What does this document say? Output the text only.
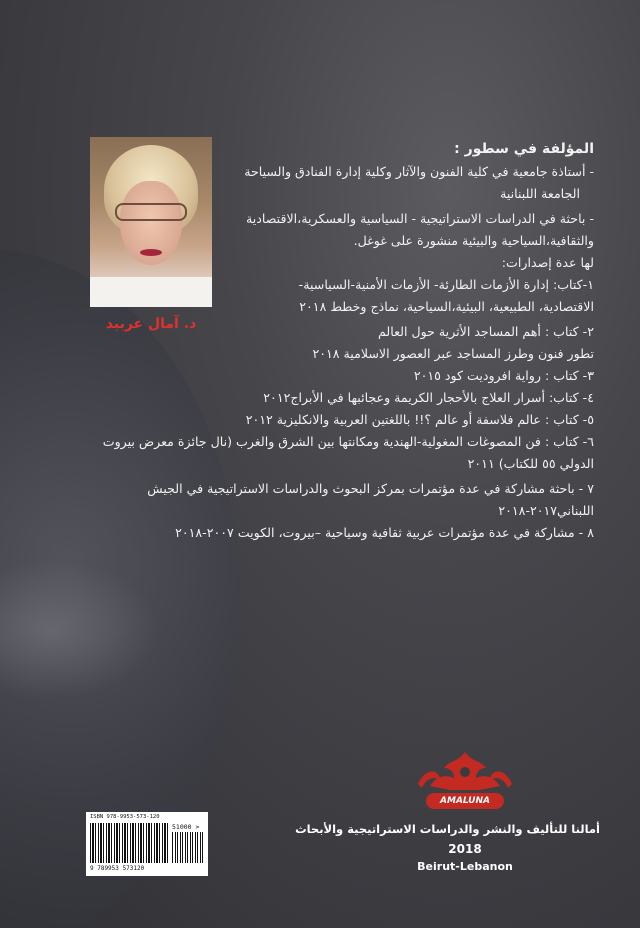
د. آمال عربيد
المؤلفة في سطور :
- أستاذة جامعية في كلية الفنون والآثار وكلية إدارة الفنادق والسياحة
الجامعة اللبنانية
- باحثة في الدراسات الاستراتيجية - السياسية والعسكرية،الاقتصادية
والثقافية،السياحية والبيئية منشورة على غوغل.
لها عدة إصدارات:
١-كتاب: إدارة الأزمات الطارئة- الأزمات الأمنية-السياسية-
الاقتصادية، الطبيعية، البيئية،السياحية، نماذج وخطط ٢٠١٨
٢- كتاب : أهم المساجد الأثرية حول العالم
تطور فنون وطرز المساجد عبر العصور الاسلامية ٢٠١٨
٣- كتاب : رواية افروديت كود ٢٠١٥
٤- كتاب: أسرار العلاج بالأحجار الكريمة وعجائبها في الأبراج٢٠١٢
٥- كتاب : عالم فلاسفة أو عالم ؟!! باللغتين العربية والانكليزية ٢٠١٢
٦- كتاب : فن المصوغات المغولية-الهندية ومكانتها بين الشرق والغرب (نال جائزة معرض بيروت
الدولي ٥٥ للكتاب) ٢٠١١
٧ - باحثة مشاركة في عدة مؤتمرات بمركز البحوث والدراسات الاستراتيجية في الجيش
اللبناني٢٠١٧-٢٠١٨
٨ - مشاركة في عدة مؤتمرات عربية ثقافية وسياحية –بيروت، الكويت ٢٠٠٧-٢٠١٨
AMALUNA
أمالنا للتأليف والنشر والدراسات الاستراتيجية والأبحاث
2018
Beirut-Lebanon
ISBN 978-9953-573-120
51000 >
9 789953 573120
